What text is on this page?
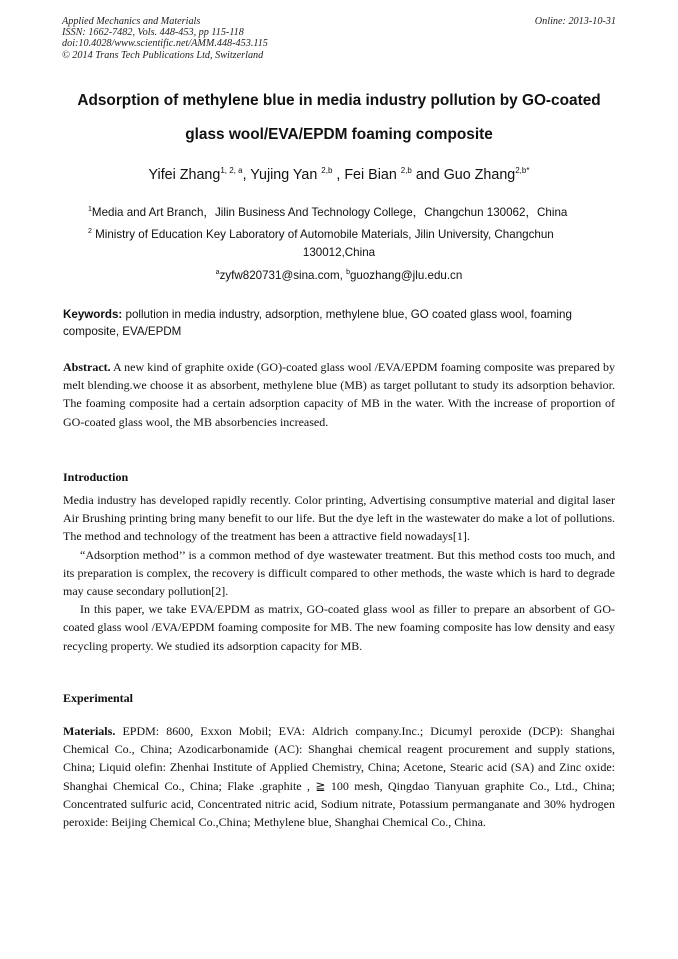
Applied Mechanics and Materials
ISSN: 1662-7482, Vols. 448-453, pp 115-118
doi:10.4028/www.scientific.net/AMM.448-453.115
© 2014 Trans Tech Publications Ltd, Switzerland
Online: 2013-10-31
Adsorption of methylene blue in media industry pollution by GO-coated
glass wool/EVA/EPDM foaming composite
Yifei Zhang$^{1, 2, a}$, Yujing Yan $^{2,b}$ , Fei Bian $^{2,b}$ and Guo Zhang$^{2,b*}$
$^1$Media and Art Branch，Jilin Business And Technology College，Changchun 130062，China
$^2$ Ministry of Education Key Laboratory of Automobile Materials, Jilin University, Changchun
130012,China
$^a$zyfw820731@sina.com, $^b$guozhang@jlu.edu.cn
Keywords: pollution in media industry, adsorption, methylene blue, GO coated glass wool, foaming composite, EVA/EPDM

Abstract. A new kind of graphite oxide (GO)-coated glass wool /EVA/EPDM foaming composite was prepared by melt blending.we choose it as absorbent, methylene blue (MB) as target pollutant to study its adsorption behavior. The foaming composite had a certain adsorption capacity of MB in the water. With the increase of proportion of GO-coated glass wool, the MB absorbencies increased.

Introduction

Media industry has developed rapidly recently. Color printing, Advertising consumptive material and digital laser Air Brushing printing bring many benefit to our life. But the dye left in the wastewater do make a lot of pollutions. The method and technology of the treatment has been a attractive field nowadays[1].

“Adsorption method’’ is a common method of dye wastewater treatment. But this method costs too much, and its preparation is complex, the recovery is difficult compared to other methods, the waste which is hard to degrade may cause secondary pollution[2].

In this paper, we take EVA/EPDM as matrix, GO-coated glass wool as filler to prepare an absorbent of GO-coated glass wool /EVA/EPDM foaming composite for MB. The new foaming composite has low density and easy recycling property. We studied its adsorption capacity for MB.

Experimental

Materials. EPDM: 8600, Exxon Mobil; EVA: Aldrich company.Inc.; Dicumyl peroxide (DCP): Shanghai Chemical Co., China; Azodicarbonamide (AC): Shanghai chemical reagent procurement and supply stations, China; Liquid olefin: Zhenhai Institute of Applied Chemistry, China; Acetone, Stearic acid (SA) and Zinc oxide: Shanghai Chemical Co., China; Flake .graphite , ≧ 100 mesh, Qingdao Tianyuan graphite Co., Ltd., China; Concentrated sulfuric acid, Concentrated nitric acid, Sodium nitrate, Potassium permanganate and 30% hydrogen peroxide: Beijing Chemical Co.,China; Methylene blue, Shanghai Chemical Co., China.
